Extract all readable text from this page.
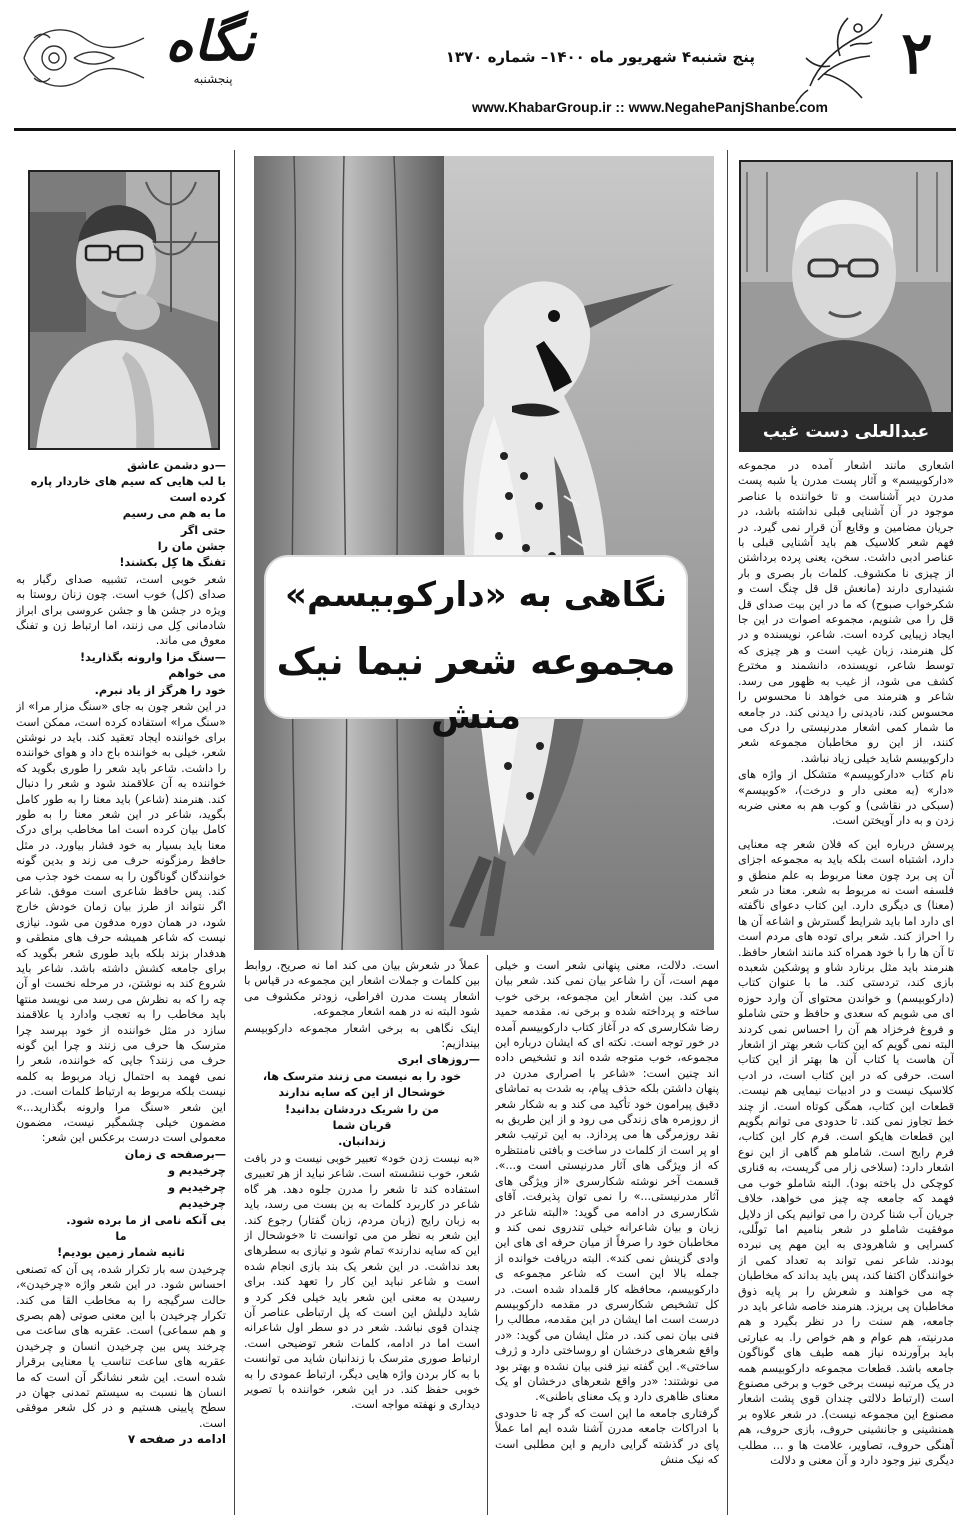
۲
نگاه
پنجشنبه
پنج شنبه۴ شهریور ماه ۱۴۰۰– شماره ۱۳۷۰
www.KhabarGroup.ir :: www.NegahePanjShanbe.com
عبدالعلی دست غیب
نگاهی به «دارکوبیسم»
مجموعه شعر نیما نیک منش

اشعاری مانند اشعار آمده در مجموعه «دارکوبیسم» و آثار پست مدرن یا شبه پست مدرن دیر آشناست و تا خواننده با عناصر موجود در آن آشنایی قبلی نداشته باشد، در جریان مضامین و وقایع آن قرار نمی گیرد. در فهم شعر کلاسیک هم باید آشنایی قبلی با عناصر ادبی داشت. سخن، یعنی پرده برداشتن از چیزی نا مکشوف. کلمات بار بصری و بار شنیداری دارند (مانعش قل قل چنگ است و شکرخواب صبوح) که ما در این بیت صدای قل قل را می شنویم، مجموعه اصوات در این جا ایجاد زیبایی کرده است. شاعر، نویسنده و در کل هنرمند، زبان غیب است و هر چیزی که توسط شاعر، نویسنده، دانشمند و مخترع کشف می شود، از غیب به ظهور می رسد. شاعر و هنرمند می خواهد نا محسوس را محسوس کند، نادیدنی را دیدنی کند. در جامعه ما شمار کمی اشعار مدرنیستی را درک می کنند، از این رو مخاطبان مجموعه شعر دارکوبیسم شاید خیلی زیاد نباشد.

نام کتاب «دارکوبیسم» متشکل از واژه های «دار» (به معنی دار و درخت)، «کوبیسم» (سبکی در نقاشی) و کوب هم به معنی ضربه زدن و به دار آویختن است.

پرسش درباره این که فلان شعر چه معنایی دارد، اشتباه است بلکه باید به مجموعه اجزای آن پی برد چون معنا مربوط به علم منطق و فلسفه است نه مربوط به شعر. معنا در شعر (معنا) ی دیگری دارد. این کتاب دعوای ناگفته ای دارد اما باید شرایط گسترش و اشاعه آن ها را احراز کند. شعر برای توده های مردم است تا آن ها را با خود همراه کند مانند اشعار حافظ. هنرمند باید مثل برنارد شاو و پوشکین شعبده بازی کند، تردستی کند. ما با عنوان کتاب (دارکوبیسم) و خواندن محتوای آن وارد حوزه ای می شویم که سعدی و حافظ و حتی شاملو و فروغ فرخزاد هم آن را احساس نمی کردند البته نمی گویم که این کتاب شعر بهتر از اشعار آن هاست یا کتاب آن ها بهتر از این کتاب است. حرفی که در این کتاب است، در ادب کلاسیک نیست و در ادبیات نیمایی هم نیست. قطعات این کتاب، همگی کوتاه است. از چند خط تجاوز نمی کند. تا حدودی می توانم بگویم این قطعات هایکو است. فرم کار این کتاب، فرم رایج است. شاملو هم گاهی از این نوع اشعار دارد: (سلاخی زار می گریست، به قناری کوچکی دل باخته بود). البته شاملو خوب می فهمد که جامعه چه چیز می خواهد، خلاف جریان آب شنا کردن را می توانیم یکی از دلایل موفقیت شاملو در شعر بنامیم اما تولّلی، کسرایی و شاهرودی به این مهم پی نبرده بودند. شاعر نمی تواند به تعداد کمی از خوانندگان اکتفا کند، پس باید بداند که مخاطبان چه می خواهند و شعرش را بر پایه ذوق مخاطبان پی بریزد. هنرمند خاصه شاعر باید در جامعه، هم سنت را در نظر بگیرد و هم مدرنیته، هم عوام و هم خواص را. به عبارتی باید برآورنده نیاز همه طیف های گوناگون جامعه باشد. قطعات مجموعه دارکوبیسم همه در یک مرتبه نیست برخی خوب و برخی مصنوع است (ارتباط دلالتی چندان قوی پشت اشعار مصنوع این مجموعه نیست). در شعر علاوه بر همنشینی و جانشینی حروف، بازی حروف، هم آهنگی حروف، تصاویر، علامت ها و ... مطلب دیگری نیز وجود دارد و آن معنی و دلالت

است. دلالت، معنی پنهانی شعر است و خیلی مهم است، آن را شاعر بیان نمی کند. شعر بیان می کند. بین اشعار این مجموعه، برخی خوب ساخته و پرداخته شده و برخی نه. مقدمه حمید رضا شکارسری که در آغاز کتاب دارکوبیسم آمده در خور توجه است. نکته ای که ایشان درباره این مجموعه، خوب متوجه شده اند و تشخیص داده اند چنین است: «شاعر با اصراری مدرن در پنهان داشتن بلکه حذف پیام، به شدت به تماشای دقیق پیرامون خود تأکید می کند و به شکار شعر از روزمره های زندگی می رود و از این طریق به نقد روزمرگی ها می پردازد. به این ترتیب شعر او پر است از کلمات در ساخت و بافتی نامنتظره که از ویژگی های آثار مدرنیستی است و...». قسمت آخر نوشته شکارسری «از ویژگی های آثار مدرنیستی...» را نمی توان پذیرفت. آقای شکارسری در ادامه می گوید: «البته شاعر در زبان و بیان شاعرانه خیلی تندروی نمی کند و مخاطبان خود را صرفاً از میان حرفه ای های این وادی گزینش نمی کند». البته دریافت خوانده از جمله بالا این است که شاعر مجموعه ی دارکوبیسم، محافظه کار قلمداد شده است. در کل تشخیص شکارسری در مقدمه دارکوبیسم درست است اما ایشان در این مقدمه، مطالب را فنی بیان نمی کند. در مثل ایشان می گوید: «در واقع شعرهای درخشان او روساختی دارد و ژرف ساختی». این گفته نیز فنی بیان نشده و بهتر بود می نوشتند: «در واقع شعرهای درخشان او یک معنای ظاهری دارد و یک معنای باطنی».

گرفتاری جامعه ما این است که گر چه تا حدودی با ادراکات جامعه مدرن آشنا شده ایم اما عملاً پای در گذشته گرایی داریم و این مطلبی است که نیک منش

عملاً در شعرش بیان می کند اما نه صریح. روابط بین کلمات و جملات اشعار این مجموعه در قیاس با اشعار پست مدرن افراطی، زودتر مکشوف می شود البته نه در همه اشعار مجموعه.

اینک نگاهی به برخی اشعار مجموعه دارکوبیسم بیندازیم:

—روزهای ابری

خود را به نیست می زنند مترسک ها،

خوشحال از این که سایه ندارند

من را شریک دردشان بدانید!

قربان شما

زندانبان.

«به نیست زدن خود» تعبیر خوبی نیست و در بافت شعر، خوب ننشسته است. شاعر نباید از هر تعبیری استفاده کند تا شعر را مدرن جلوه دهد. هر گاه شاعر در کاربرد کلمات به بن بست می رسد، باید به زبان رایج (زبان مردم، زبان گفتار) رجوع کند. این شعر به نظر من می توانست تا «خوشحال از این که سایه ندارند» تمام شود و نیازی به سطرهای بعد نداشت. در این شعر یک بند بازی انجام شده است و شاعر نباید این کار را تعهد کند. برای رسیدن به معنی این شعر باید خیلی فکر کرد و شاید دلیلش این است که پل ارتباطی عناصر آن چندان قوی نباشد. شعر در دو سطر اول شاعرانه است اما در ادامه، کلمات شعر توضیحی است. ارتباط صوری مترسک با زندانبان شاید می توانست با به کار بردن واژه هایی دیگر، ارتباط عمودی را به خوبی حفظ کند. در این شعر، خواننده با تصویر دیداری و نهفته مواجه است.

—دو دشمن عاشق

با لب هایی که سیم های خاردار پاره کرده است

ما به هم می رسیم

حتی اگر

جشن مان را

تفنگ ها کِل بکشند!

شعر خوبی است، تشبیه صدای رگبار به صدای (کل) خوب است. چون زنان روستا به ویژه در جشن ها و جشن عروسی برای ابراز شادمانی کِل می زنند، اما ارتباط زن و تفنگ معوق می ماند.

—سنگ مزا وارونه بگذارید!

می خواهم

خود را هرگز از یاد نبرم.

در این شعر چون به جای «سنگ مزار مرا» از «سنگ مرا» استفاده کرده است، ممکن است برای خواننده ایجاد تعقید کند. باید در نوشتن شعر، خیلی به خواننده باج داد و هوای خواننده را داشت. شاعر باید شعر را طوری بگوید که خواننده به آن علاقمند شود و شعر را دنبال کند. هنرمند (شاعر) باید معنا را به طور کامل بگوید، شاعر در این شعر معنا را به طور کامل بیان کرده است اما مخاطب برای درک معنا باید بسیار به خود فشار بیاورد. در مثل حافظ رمزگونه حرف می زند و بدین گونه خوانندگان گوناگون را به سمت خود جذب می کند. پس حافظ شاعری است موفق. شاعر اگر نتواند از طرز بیان زمان خودش خارج شود، در همان دوره مدفون می شود. نیازی نیست که شاعر همیشه حرف های منطقی و هدفدار بزند بلکه باید طوری شعر بگوید که برای جامعه کشش داشته باشد. شاعر باید شروع کند به نوشتن، در مرحله نخست او آن چه را که به نظرش می رسد می نویسد منتها باید مخاطب را به تعجب وادارد یا علاقمند سازد در مثل خواننده از خود بپرسد چرا مترسک ها حرف می زنند و چرا این گونه حرف می زنند؟ جایی که خواننده، شعر را نمی فهمد به احتمال زیاد مربوط به کلمه نیست بلکه مربوط به ارتباط کلمات است. در این شعر «سنگ مرا وارونه بگذارید...» مضمون خیلی چشمگیر نیست، مضمون معمولی است درست برعکس این شعر:

—برصفحه ی زمان

چرخیدیم و

چرخیدیم و

چرخیدیم

بی آنکه نامی از ما برده شود.

ما

ثانیه شمار زمین بودیم!

چرخیدن سه بار تکرار شده، پی آن که تصنعی احساس شود. در این شعر واژه «چرخیدن»، حالت سرگیجه را به مخاطب القا می کند. تکرار چرخیدن با این معنی صوتی (هم بصری و هم سماعی) است. عقربه های ساعت می چرخند پس بین چرخیدن انسان و چرخیدن عقربه های ساعت تناسب یا معنایی برقرار شده است. این شعر نشانگر آن است که ما انسان ها نسبت به سیستم تمدنی جهان در سطح پایینی هستیم و در کل شعر موفقی است.

ادامه در صفحه ۷
